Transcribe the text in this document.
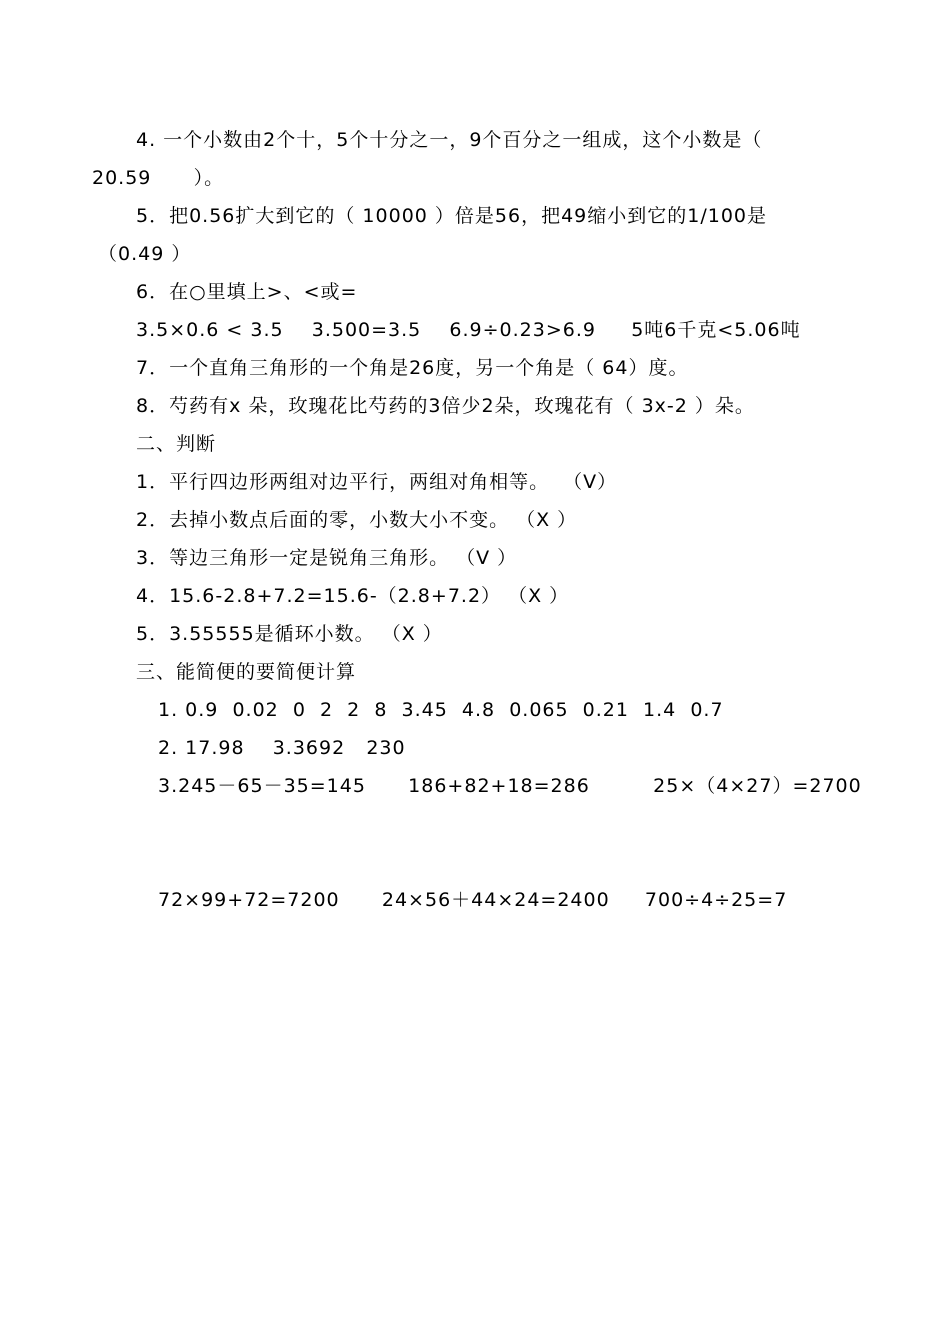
4. 一个小数由2个十，5个十分之一，9个百分之一组成，这个小数是（
20.59      ）。
5．把0.56扩大到它的（ 10000 ）倍是56，把49缩小到它的1/100是
（0.49 ）
6．在○里填上>、<或=
3.5×0.6 < 3.5    3.500=3.5    6.9÷0.23>6.9     5吨6千克<5.06吨
7．一个直角三角形的一个角是26度，另一个角是（ 64）度。
8．芍药有x 朵，玫瑰花比芍药的3倍少2朵，玫瑰花有（ 3x-2 ）朵。
二、判断
1．平行四边形两组对边平行，两组对角相等。  （V）
2．去掉小数点后面的零，小数大小不变。 （X ）
3．等边三角形一定是锐角三角形。 （V ）
4．15.6-2.8+7.2=15.6-（2.8+7.2） （X ）
5．3.55555是循环小数。 （X ）
三、能简便的要简便计算
1. 0.9  0.02  0  2  2  8  3.45  4.8  0.065  0.21  1.4  0.7
2. 17.98    3.3692   230
3.245－65－35=145      186+82+18=286         25×（4×27）=2700
72×99+72=7200      24×56＋44×24=2400     700÷4÷25=7
